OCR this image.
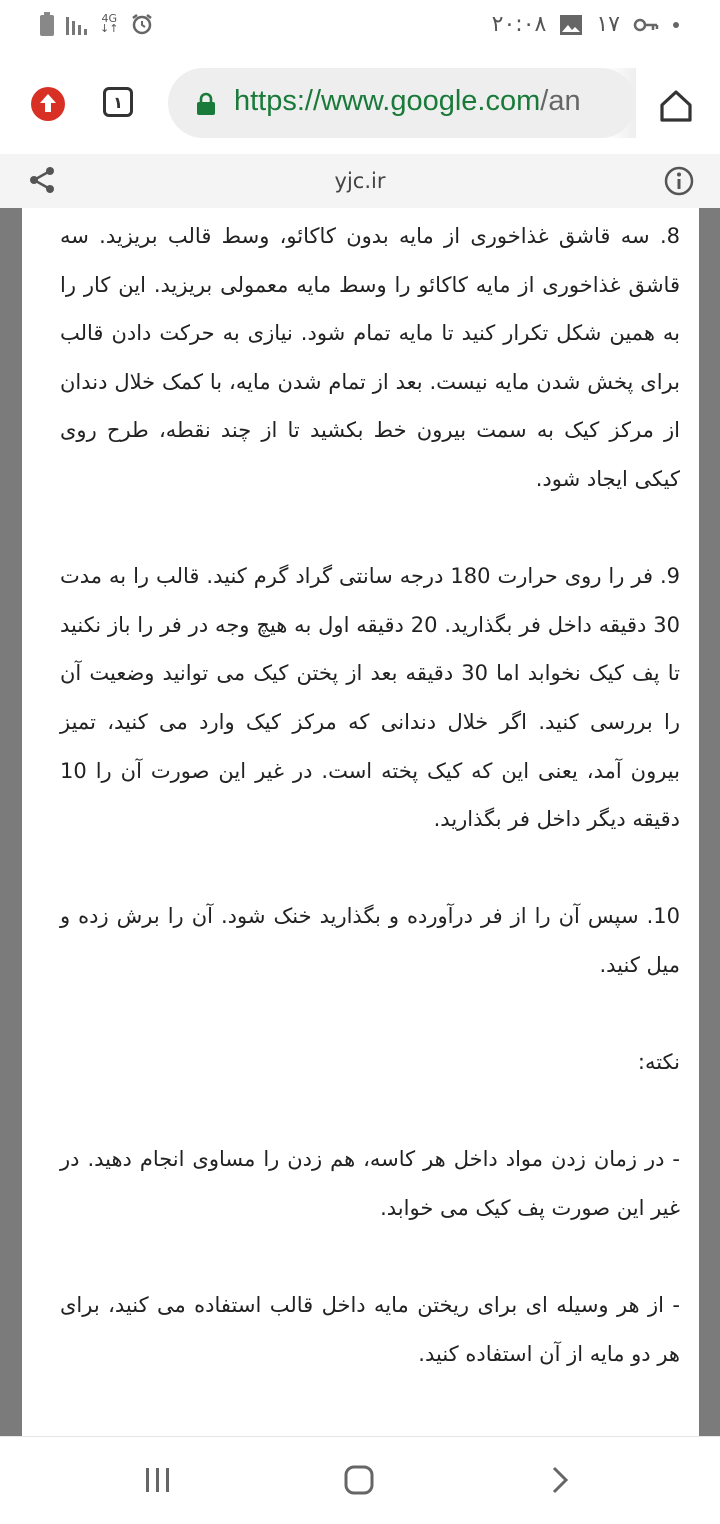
4G
↓↑	۲۰:۰۸ ۱۷
۱	https://www.google.com/an
yjc.ir

8. سه قاشق غذاخوری از مایه بدون کاکائو، وسط قالب بریزید. سه قاشق غذاخوری از مایه کاکائو را وسط مایه معمولی بریزید. این کار را به همین شکل تکرار کنید تا مایه تمام شود. نیازی به حرکت دادن قالب برای پخش شدن مایه نیست. بعد از تمام شدن مایه، با کمک خلال دندان از مرکز کیک به سمت بیرون خط بکشید تا از چند نقطه، طرح روی کیکی ایجاد شود.

9. فر را روی حرارت 180 درجه سانتی گراد گرم کنید. قالب را به مدت 30 دقیقه داخل فر بگذارید. 20 دقیقه اول به هیچ وجه در فر را باز نکنید تا پف کیک نخوابد اما 30 دقیقه بعد از پختن کیک می توانید وضعیت آن را بررسی کنید. اگر خلال دندانی که مرکز کیک وارد می کنید، تمیز بیرون آمد، یعنی این که کیک پخته است. در غیر این صورت آن را 10 دقیقه دیگر داخل فر بگذارید.

10. سپس آن را از فر درآورده و بگذارید خنک شود. آن را برش زده و میل کنید.

نکته:

- در زمان زدن مواد داخل هر کاسه، هم زدن را مساوی انجام دهید. در غیر این صورت پف کیک می خوابد.

- از هر وسیله ای برای ریختن مایه داخل قالب استفاده می کنید، برای هر دو مایه از آن استفاده کنید.
